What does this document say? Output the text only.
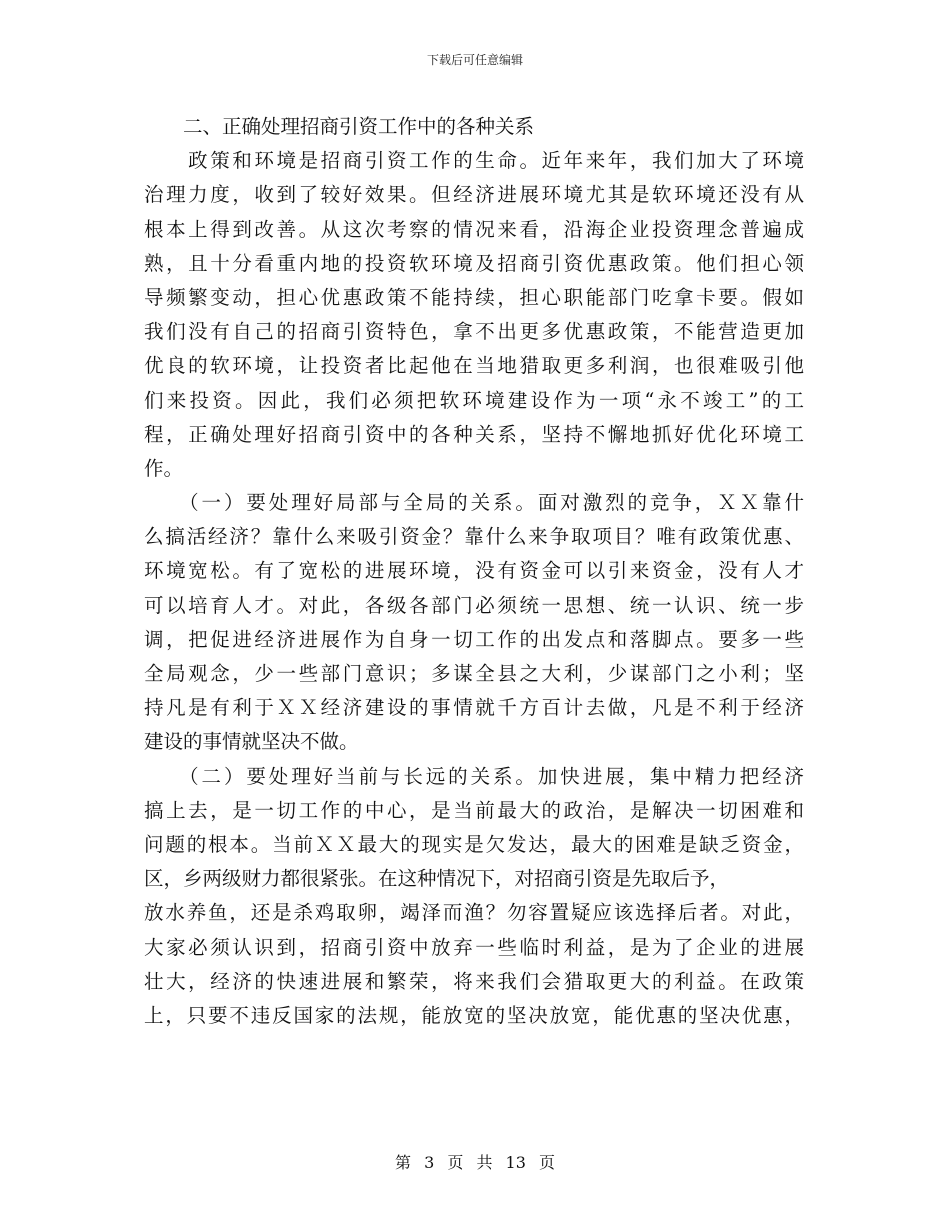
下载后可任意编辑
　　二、正确处理招商引资工作中的各种关系
　　政策和环境是招商引资工作的生命。近年来年，我们加大了环境
治理力度，收到了较好效果。但经济进展环境尤其是软环境还没有从
根本上得到改善。从这次考察的情况来看，沿海企业投资理念普遍成
熟，且十分看重内地的投资软环境及招商引资优惠政策。他们担心领
导频繁变动，担心优惠政策不能持续，担心职能部门吃拿卡要。假如
我们没有自己的招商引资特色，拿不出更多优惠政策，不能营造更加
优良的软环境，让投资者比起他在当地猎取更多利润，也很难吸引他
们来投资。因此，我们必须把软环境建设作为一项“永不竣工”的工
程，正确处理好招商引资中的各种关系，坚持不懈地抓好优化环境工
作。
　　（一）要处理好局部与全局的关系。面对激烈的竞争，ＸＸ靠什
么搞活经济？靠什么来吸引资金？靠什么来争取项目？唯有政策优惠、
环境宽松。有了宽松的进展环境，没有资金可以引来资金，没有人才
可以培育人才。对此，各级各部门必须统一思想、统一认识、统一步
调，把促进经济进展作为自身一切工作的出发点和落脚点。要多一些
全局观念，少一些部门意识；多谋全县之大利，少谋部门之小利；坚
持凡是有利于ＸＸ经济建设的事情就千方百计去做，凡是不利于经济
建设的事情就坚决不做。
　　（二）要处理好当前与长远的关系。加快进展，集中精力把经济
搞上去，是一切工作的中心，是当前最大的政治，是解决一切困难和
问题的根本。当前ＸＸ最大的现实是欠发达，最大的困难是缺乏资金，
区，乡两级财力都很紧张。在这种情况下，对招商引资是先取后予，
放水养鱼，还是杀鸡取卵，竭泽而渔？勿容置疑应该选择后者。对此，
大家必须认识到，招商引资中放弃一些临时利益，是为了企业的进展
壮大，经济的快速进展和繁荣，将来我们会猎取更大的利益。在政策
上，只要不违反国家的法规，能放宽的坚决放宽，能优惠的坚决优惠，
第 3 页 共 13 页
